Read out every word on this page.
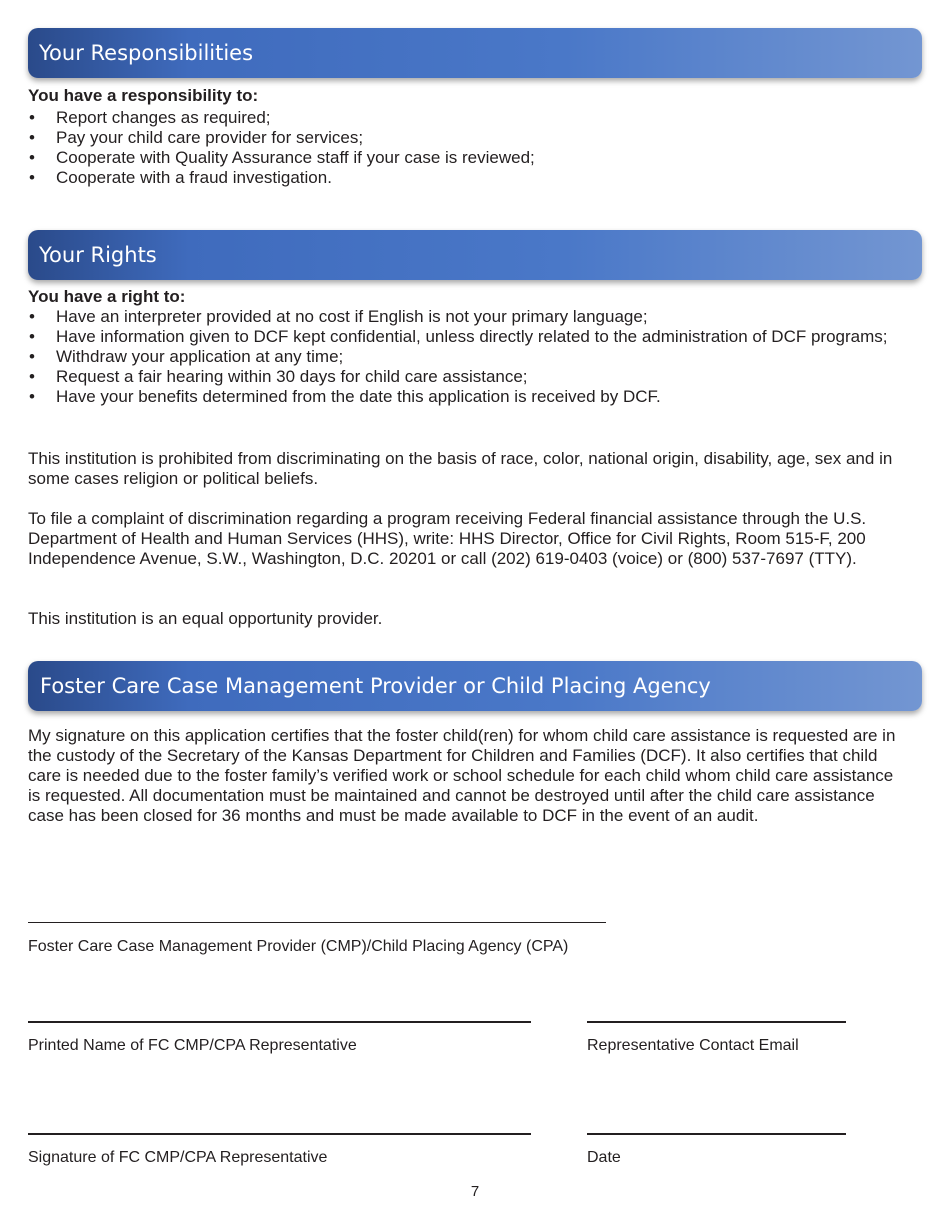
Your Responsibilities
You have a responsibility to:
• Report changes as required;
• Pay your child care provider for services;
• Cooperate with Quality Assurance staff if your case is reviewed;
• Cooperate with a fraud investigation.
Your Rights
You have a right to:
• Have an interpreter provided at no cost if English is not your primary language;
• Have information given to DCF kept confidential, unless directly related to the administration of DCF programs;
• Withdraw your application at any time;
• Request a fair hearing within 30 days for child care assistance;
• Have your benefits determined from the date this application is received by DCF.

This institution is prohibited from discriminating on the basis of race, color, national origin, disability, age, sex and in some cases religion or political beliefs.

To file a complaint of discrimination regarding a program receiving Federal financial assistance through the U.S. Department of Health and Human Services (HHS), write: HHS Director, Office for Civil Rights, Room 515-F, 200 Independence Avenue, S.W., Washington, D.C. 20201 or call (202) 619-0403 (voice) or (800) 537-7697 (TTY).

This institution is an equal opportunity provider.

Foster Care Case Management Provider or Child Placing Agency

My signature on this application certifies that the foster child(ren) for whom child care assistance is requested are in the custody of the Secretary of the Kansas Department for Children and Families (DCF). It also certifies that child care is needed due to the foster family’s verified work or school schedule for each child whom child care assistance is requested. All documentation must be maintained and cannot be destroyed until after the child care assistance case has been closed for 36 months and must be made available to DCF in the event of an audit.

Foster Care Case Management Provider (CMP)/Child Placing Agency (CPA)
Printed Name of FC CMP/CPA Representative	Representative Contact Email
Signature of FC CMP/CPA Representative	Date
7
